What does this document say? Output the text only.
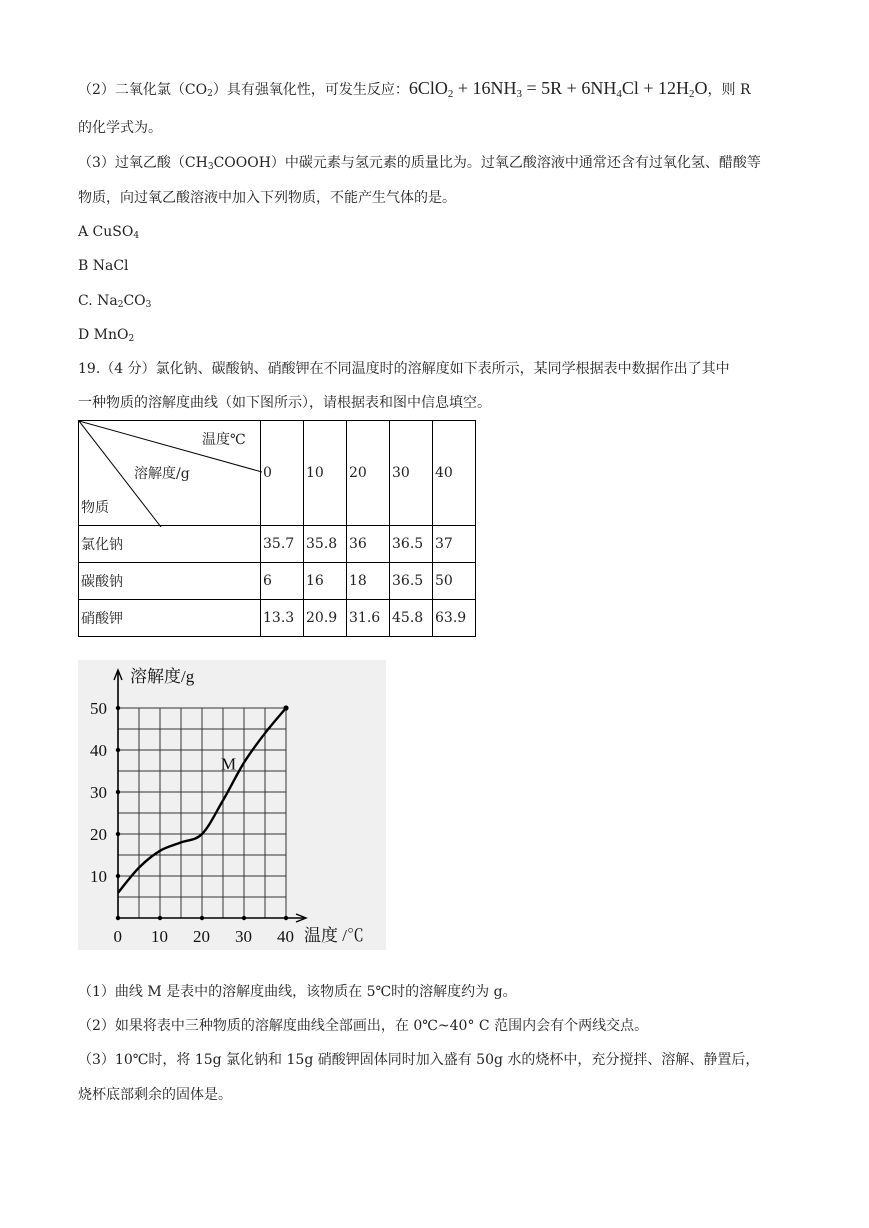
（2）二氧化氯$(CO_2)$具有强氧化性，可发生反应：$6ClO_2 + 16NH_3 = 5R + 6NH_4Cl + 12H_2O$，则 R
的化学式为。
（3）过氧乙酸$(CH_3COOOH)$中碳元素与氢元素的质量比为。过氧乙酸溶液中通常还含有过氧化氢、醋酸等
物质，向过氧乙酸溶液中加入下列物质，不能产生气体的是。
A CuSO$_4$
B NaCl
C. $Na_2CO_3$
D MnO$_2$
19.（4 分）氯化钠、碳酸钠、硝酸钾在不同温度时的溶解度如下表所示，某同学根据表中数据作出了其中
一种物质的溶解度曲线（如下图所示），请根据表和图中信息填空。
温度℃
溶解度/g
物质	0	10	20	30	40
氯化钠	35.7	35.8	36	36.5	37
碳酸钠	6	16	18	36.5	50
硝酸钾	13.3	20.9	31.6	45.8	63.9
溶解度/g
温度 /℃
0 10 20 30 40
10
20
30
40
50
M
（1）曲线 M 是表中的溶解度曲线，该物质在 5℃时的溶解度约为 g。
（2）如果将表中三种物质的溶解度曲线全部画出，在 0℃~40° C 范围内会有个两线交点。
（3）10℃时，将 15g 氯化钠和 15g 硝酸钾固体同时加入盛有 50g 水的烧杯中，充分搅拌、溶解、静置后，
烧杯底部剩余的固体是。
